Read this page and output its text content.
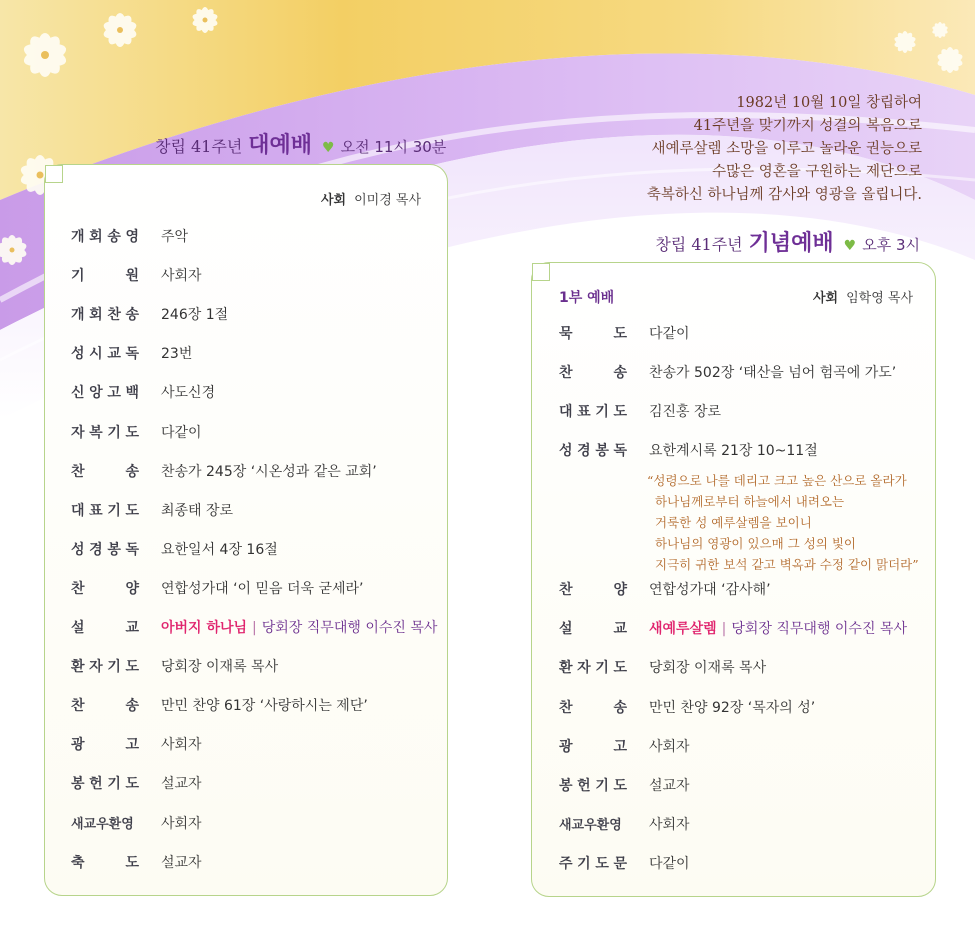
창립 41주년 대예배 ♥ 오전 11시 30분
1982년 10월 10일 창립하여
41주년을 맞기까지 성결의 복음으로
새예루살렘 소망을 이루고 놀라운 권능으로
수많은 영혼을 구원하는 제단으로
축복하신 하나님께 감사와 영광을 올립니다.
창립 41주년 기념예배 ♥ 오후 3시
사회 이미경 목사
개 회 송 영 주악
기	원 사회자
개 회 찬 송 246장 1절
성 시 교 독 23번
신 앙 고 백 사도신경
자 복 기 도 다같이
찬	송 찬송가 245장 ‘시온성과 같은 교회’
대 표 기 도 최종태 장로
성 경 봉 독 요한일서 4장 16절
찬	양 연합성가대 ‘이 믿음 더욱 굳세라’
설	교 아버지 하나님 | 당회장 직무대행 이수진 목사
환 자 기 도 당회장 이재록 목사
찬	송 만민 찬양 61장 ‘사랑하시는 제단’
광	고 사회자
봉 헌 기 도 설교자
새교우환영	사회자
축	도 설교자
1부 예배	사회 임학영 목사
묵	도 다같이
찬	송 찬송가 502장 ‘태산을 넘어 험곡에 가도’
대 표 기 도 김진홍 장로
성 경 봉 독 요한계시록 21장 10~11절
찬	양 연합성가대 ‘감사해’
설	교 새예루살렘 | 당회장 직무대행 이수진 목사
환 자 기 도 당회장 이재록 목사
찬	송 만민 찬양 92장 ‘목자의 성’
광	고 사회자
봉 헌 기 도 설교자
새교우환영	사회자
주 기 도 문 다같이
“성령으로 나를 데리고 크고 높은 산으로 올라가
하나님께로부터 하늘에서 내려오는
거룩한 성 예루살렘을 보이니
하나님의 영광이 있으매 그 성의 빛이
지극히 귀한 보석 같고 벽옥과 수정 같이 맑더라”
